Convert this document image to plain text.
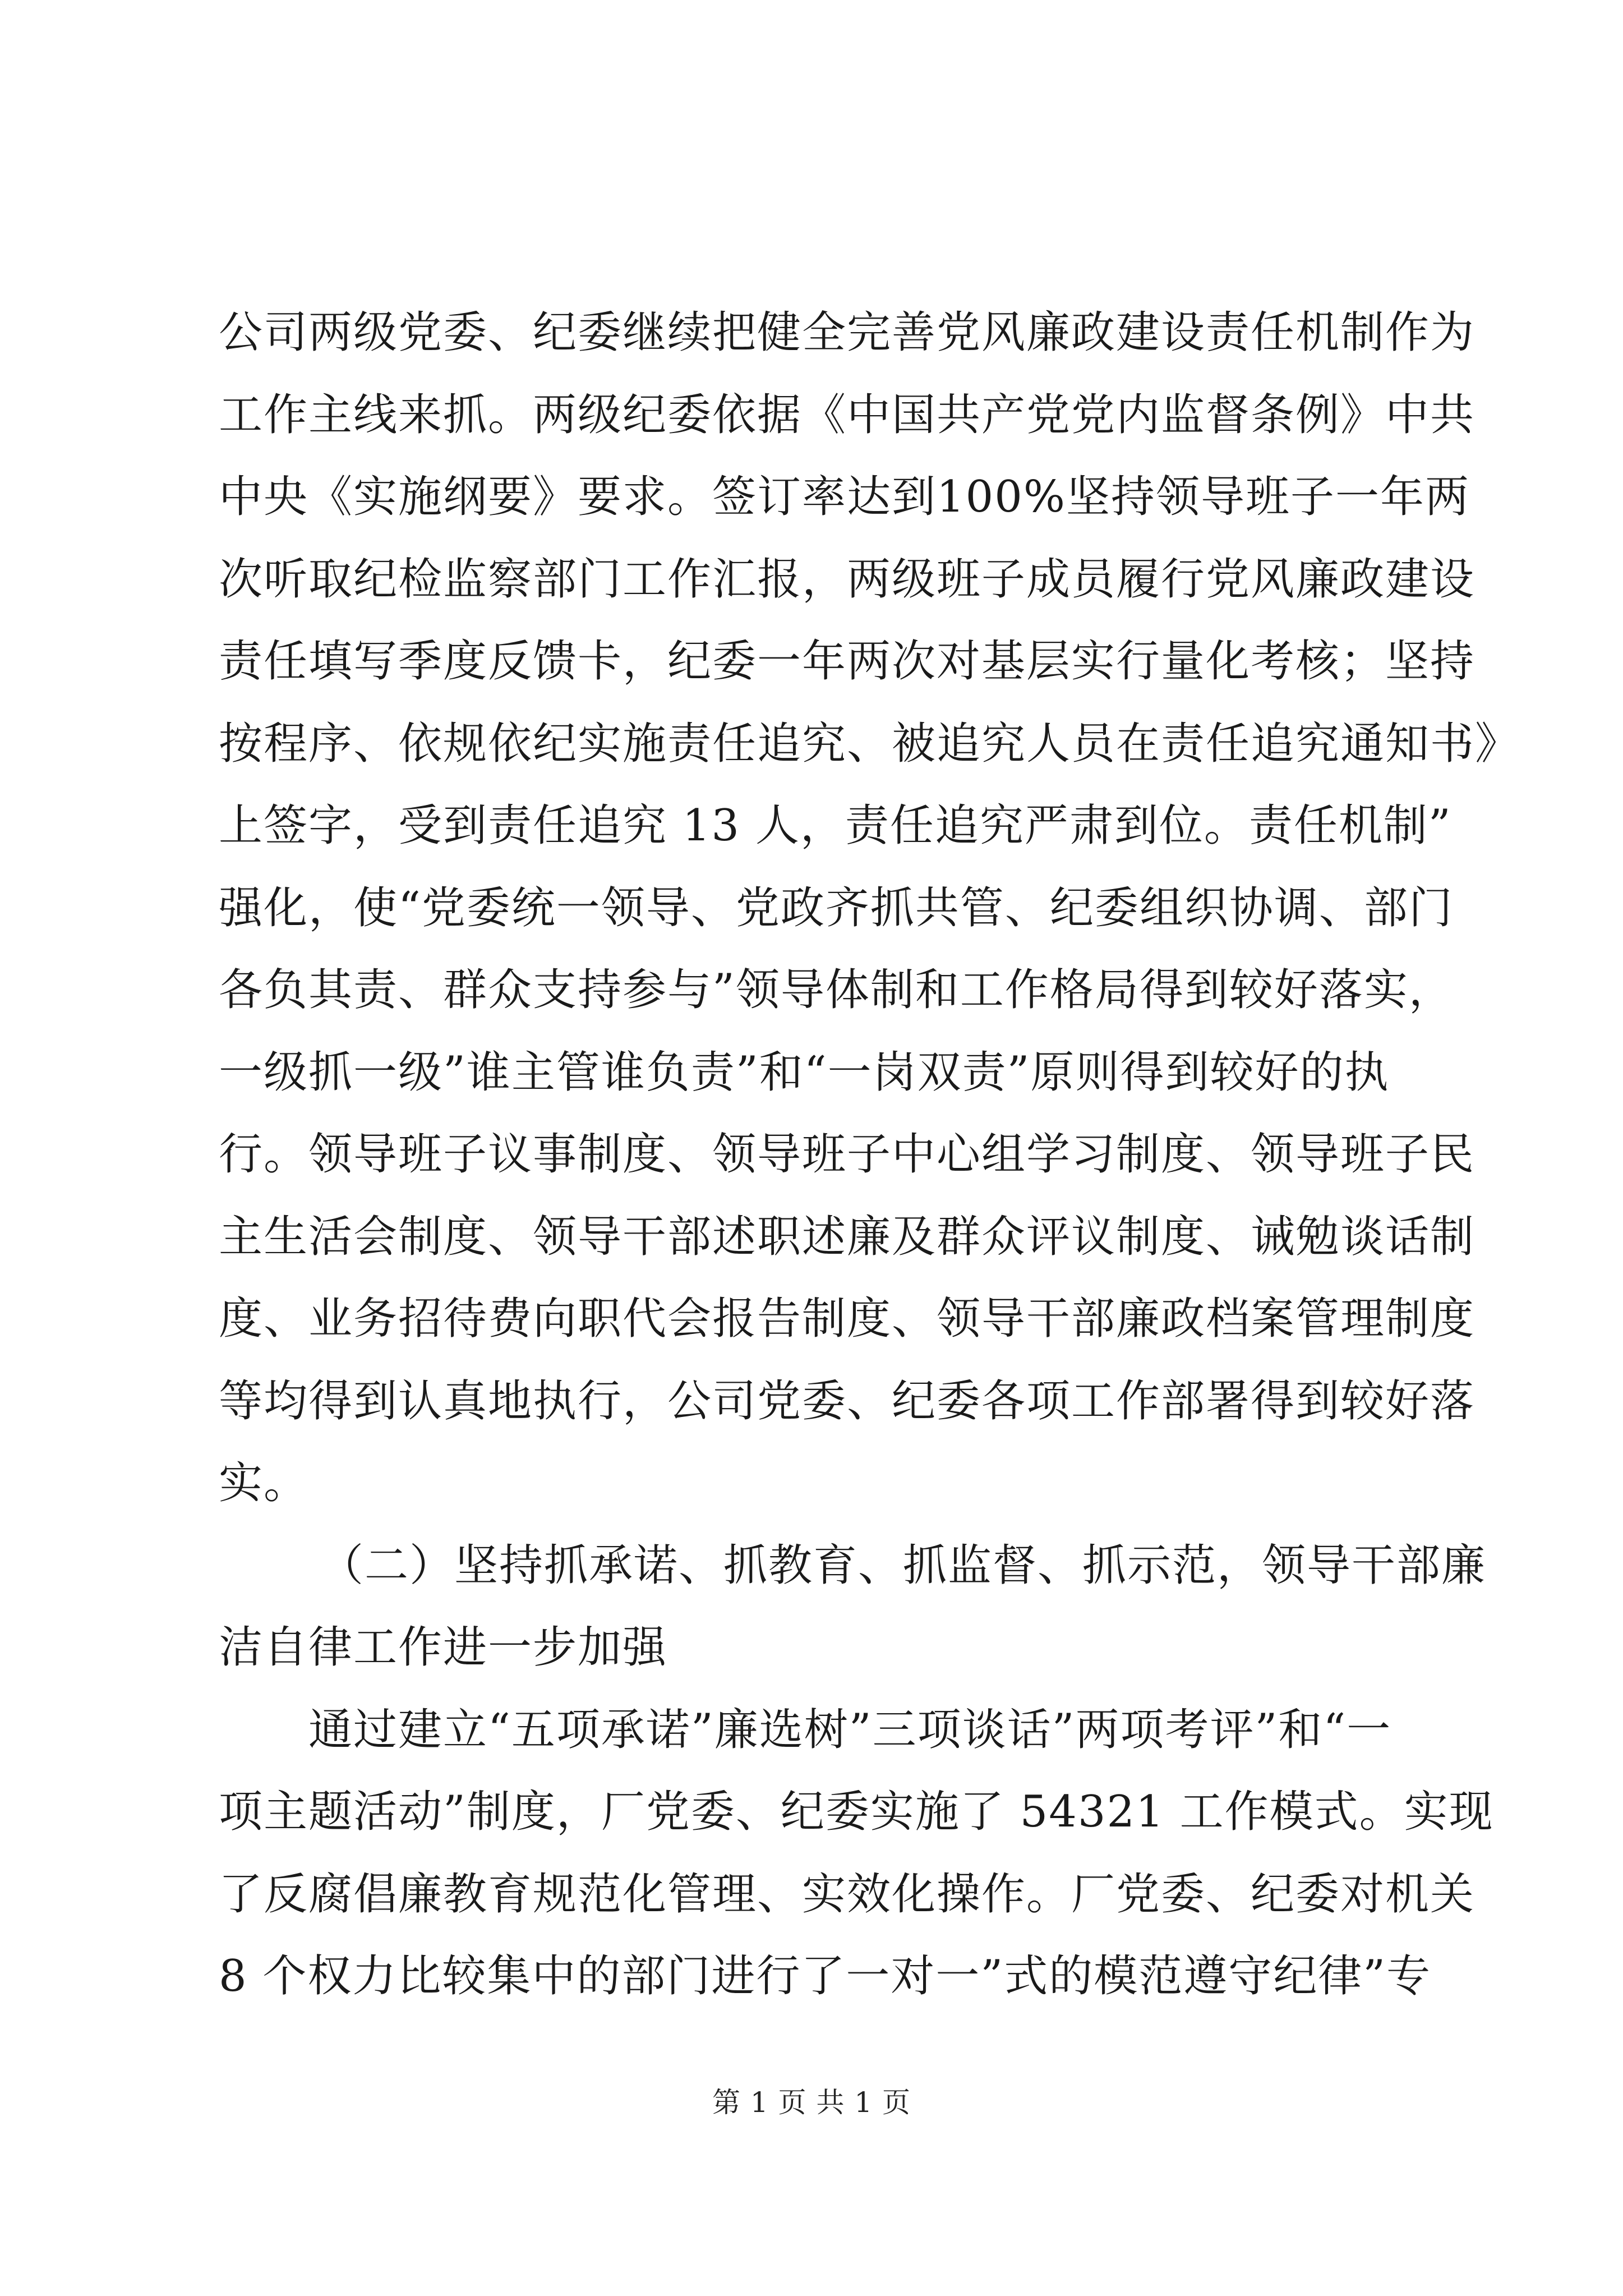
公司两级党委、纪委继续把健全完善党风廉政建设责任机制作为
工作主线来抓。两级纪委依据《中国共产党党内监督条例》中共
中央《实施纲要》要求。签订率达到100%坚持领导班子一年两
次听取纪检监察部门工作汇报，两级班子成员履行党风廉政建设
责任填写季度反馈卡，纪委一年两次对基层实行量化考核；坚持
按程序、依规依纪实施责任追究、被追究人员在责任追究通知书》
上签字，受到责任追究 13 人，责任追究严肃到位。责任机制”
强化，使“党委统一领导、党政齐抓共管、纪委组织协调、部门
各负其责、群众支持参与”领导体制和工作格局得到较好落实，
一级抓一级”谁主管谁负责”和“一岗双责”原则得到较好的执
行。领导班子议事制度、领导班子中心组学习制度、领导班子民
主生活会制度、领导干部述职述廉及群众评议制度、诫勉谈话制
度、业务招待费向职代会报告制度、领导干部廉政档案管理制度
等均得到认真地执行，公司党委、纪委各项工作部署得到较好落
实。
（二）坚持抓承诺、抓教育、抓监督、抓示范，领导干部廉
洁自律工作进一步加强
通过建立“五项承诺”廉选树”三项谈话”两项考评”和“一
项主题活动”制度，厂党委、纪委实施了 54321 工作模式。实现
了反腐倡廉教育规范化管理、实效化操作。厂党委、纪委对机关
8 个权力比较集中的部门进行了一对一”式的模范遵守纪律”专
第 1 页 共 1 页
